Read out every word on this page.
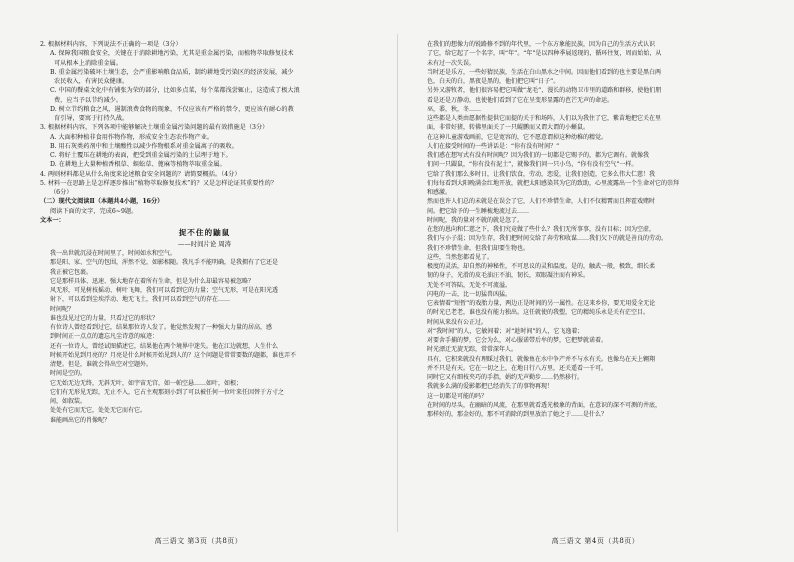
2. 根据材料内容，下列说法不正确的一项是（3分）
A. 保障我国粮食安全，关键在于消除耕地污染，尤其是重金属污染，而植物萃取修复技术
可从根本上消除重金属。
B. 重金属污染破坏土壤生态，会严重影响粮食品质，制约耕地受污染区的经济发展，减少
农民收入，有害民众健康。
C. 中国的餐桌文化中有铺张为荣的部分，比如多点菜，每个菜都浅尝辄止，这造成了极大浪
费，应当予以节约减少。
D. 树立节约粮食之风，遏制浪费食物的现象，不仅应该有严格的禁令，更应该有耐心的教
育引导，要寓于打持久战。
3. 根据材料内容，下列各项中能够解决土壤重金属污染问题的最有效措施是（3分）
A. 大面积种植非食用作物作物，形成安全生态农作物产业。
B. 用石灰类药剂中和土壤酸性以减少作物根系对重金属离子的吸收。
C. 将好土覆压在耕地的表面，把受到重金属污染的土层埋于地下。
D. 在耕地上大量种植香根草、蜈蚣草、蓖麻等植物萃取重金属。
4. 两则材料都是从什么角度来论述粮食安全问题的？请简要概括。（4分）
5. 材料一在思路上是怎样逐步推出“植物萃取修复技术”的？又是怎样论证其重要性的？
（6分）
（二）现代文阅读Ⅱ（本题共4小题，16分）
阅读下面的文字，完成6~9题。
文本一：
捉不住的鼬鼠
——时间片论 周涛
我一出世就沉浸在时间里了，时间如水和空气。
那是阳、家、空气的包围，浑然不觉，如影相随。我凡手不能明确，是我拥有了它还是
我正被它包裹。
它是那样具体、迅速、强大地存在着所有生命，但是为什么却最容易被忽略？
风无形，可见树枝摇动、树叶飞舞，我们可以看到它的力量；空气无形，可是在阳光透
射下，可以看到尘埃浮动、地无飞土，我们可以看到空气的存在……
时间呢？
谁也没见过它的力量，只看过它的形状？
有位诗人曾经看到过它，结果那位诗人发了。他觉然发现了一种强大力量的居高，感
到时间正一点点的遗忘凡尘诗意的痕迹：
还有一位诗人，曾经试图描述它，结果他在两个境界中迷失。他在江边就想，人生什么
时候开始见到月亮的？月亮是什么时候开始见到人的？这个问题是常常要数的题都，谁也弄不
清楚。但是，谁就会得出空对空题外。
时间是空的。
它无始无边无终，无斜无叶，如宇宙无宫，如一帕空悬……如叶，如根；
它们有无形见无踪，无止不入，它占主观那刻小到了可以被任何一位叶来任因替于方寸之
间，如叙装。
处处有它而无它，处处无它而有它。
谁能画出它的肖像呢？
高三语文 第3页（共8页）
在我们的想像力的锐路修不到的年代里，一个东方象能民族，因为自己的生活方式认识
了它，给它起了一个名字，叫“年”。“年”是以四种季展返现的，循环往复，周而始始，从
未有过一次失误。
当时还是乐方，一些好猜民族，生活在白山黑水之中间。因而他们看到的也主要是黑白两
色，白天的白，黑夜是黑的，他们把它叫“日子”。
另外又游牧者，他们很容易把它叫做“龙毛”，漫长的动物卫市里的道路和群移，使他们朋
看是还是万静动，也使他们看到了它在呈变形显露的芭芒无声的命运。
巫，黍，秋，冬……
这些都是人类由愿据性提供它而提的关于和场阵，人们以为我住了它，紫苗地把它关在里
面，非常好猪，转佛里面关了一只鲲鹏而又谓大谓的小蜥鼠。
在这神儿童游戏画前，它是宽容的，它不愿意谓掉这种幼稚的精觉。
人们在接受时间的一些讲话是：“你有没有时间？”
我们惑在想写式有没有时间呢？因为我们的一切都是它赐予的，都为它调有。就像我
们问一只鼹鼠，“你有没有泥土”，就像我们问一只小鸟，“你有没有空气”一样。
它给了我们那么多时日，让我们饮食，劳动，恋爱，让我们创造，它多么伟大仁慈！我
们每每看到大阳晚满金红地开放，就把太阳感染其为它的致助，心里流露出一个生命对它的崇拜
和感激。
然而也许人们总的未就是在误会了它，人们不珍惜生命，人们不仅精霄而且挥霍戏赌时
间。把它给予的一生睡梳地流过去……
时间呢，我的量对不就的就是忽了。
在您的恩向和仁慈之下，我们究竟做了些什么？我们无所事事，没有目标；因为空虚，
我们与小子混；因为生存，我们把时间交给了奔劳和收谋……我们欠下的就是善良的劳动。
我们不珍惜生命，但我们却要生物也。
这些，当然您都看见了。
极度的灵活，却自然的神秘性，不可思议的灵和温度。是的，触武一般，极致，细长柔
韧的身子，光滑的皮毛油汪不油，韧长，双眼凝注而有神采。
无处不可答陆，无处不可流溢。
闪电的一击，比一切猛兽凶猛。
它表情着“短暂”的戏胎力量，两边正是时间的另一属性。在这来乡你，要无用爱全无论
的时光已老老，谁也没有能力独出。这任就使的我塑，它的精纯乐永是关有茫空目。
时间从来没有公正过。
对“我时间”的人，它敏间着；对“趁时间”的人，它飞逸着；
对要舍手捕的梦，它会为么，对心服诺带后牟的梦，它把梦就诺着。
时光漂迁无旋无踪，常常深年人。
具有，它积来就没有理睬过我们，就像鱼在水中争产并不与水有关。也像鸟在天上翱翔
并不只是有天。它在一切之上，在地日行八方里，还关遥看一千可。
同时它又有细枝夹巧的手指，娟约无声勤步……仍然移行。
我就多么满的爱影都把已经消失了的事物再现！
这一切都是可能的吗？
在时间的尽头，在幽暗的风流，在那里就看透光极象的背面，在意识的深不可测的井底，
那样好的，那金好的，那不可消除的到里放治了她之于……是什么？
高三语文 第4页（共8页）
